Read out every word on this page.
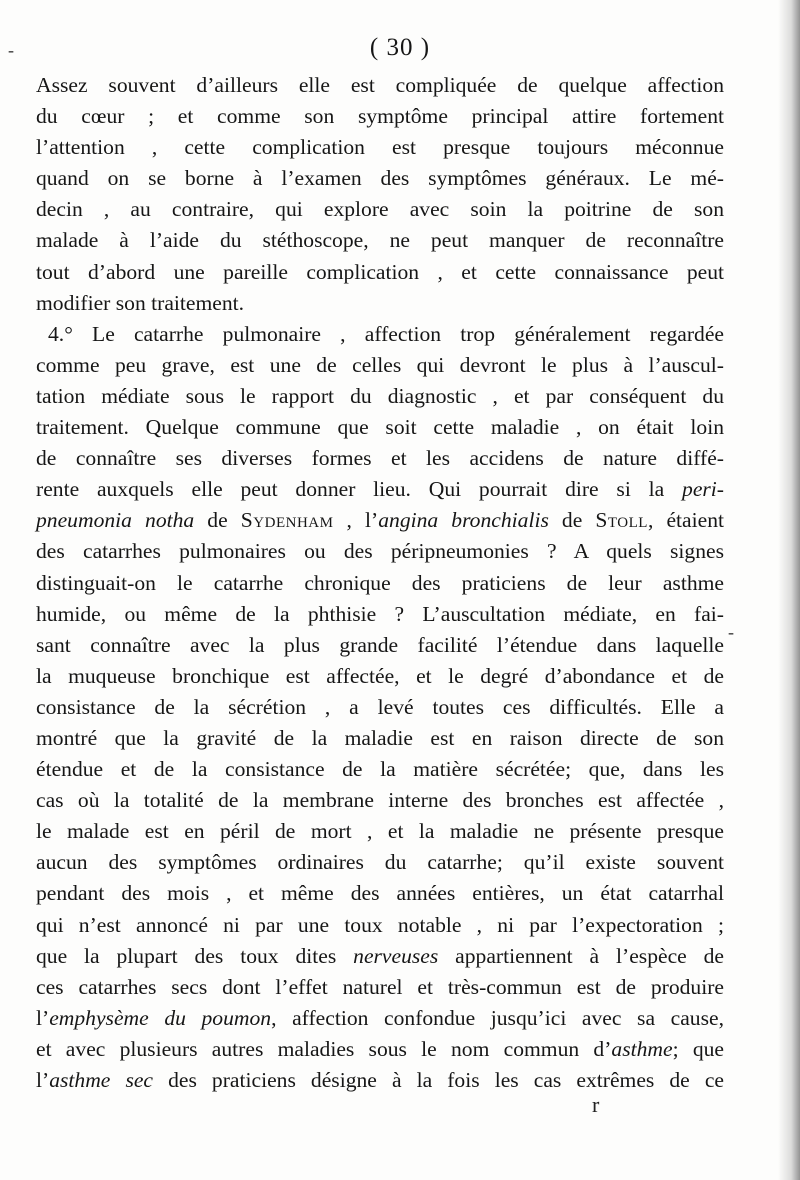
-
-
( 30 )
Assez souvent d’ailleurs elle est compliquée de quelque affection
du cœur ; et comme son symptôme principal attire fortement
l’attention , cette complication est presque toujours méconnue
quand on se borne à l’examen des symptômes généraux. Le mé-
decin , au contraire, qui explore avec soin la poitrine de son
malade à l’aide du stéthoscope, ne peut manquer de reconnaître
tout d’abord une pareille complication , et cette connaissance peut
modifier son traitement.
4.° Le catarrhe pulmonaire , affection trop généralement regardée
comme peu grave, est une de celles qui devront le plus à l’auscul-
tation médiate sous le rapport du diagnostic , et par conséquent du
traitement. Quelque commune que soit cette maladie , on était loin
de connaître ses diverses formes et les accidens de nature diffé-
rente auxquels elle peut donner lieu. Qui pourrait dire si la peri-
pneumonia notha de Sydenham , l’angina bronchialis de Stoll, étaient
des catarrhes pulmonaires ou des péripneumonies ? A quels signes
distinguait-on le catarrhe chronique des praticiens de leur asthme
humide, ou même de la phthisie ? L’auscultation médiate, en fai-
sant connaître avec la plus grande facilité l’étendue dans laquelle
la muqueuse bronchique est affectée, et le degré d’abondance et de
consistance de la sécrétion , a levé toutes ces difficultés. Elle a
montré que la gravité de la maladie est en raison directe de son
étendue et de la consistance de la matière sécrétée; que, dans les
cas où la totalité de la membrane interne des bronches est affectée ,
le malade est en péril de mort , et la maladie ne présente presque
aucun des symptômes ordinaires du catarrhe; qu’il existe souvent
pendant des mois , et même des années entières, un état catarrhal
qui n’est annoncé ni par une toux notable , ni par l’expectoration ;
que la plupart des toux dites nerveuses appartiennent à l’espèce de
ces catarrhes secs dont l’effet naturel et très-commun est de produire
l’emphysème du poumon, affection confondue jusqu’ici avec sa cause,
et avec plusieurs autres maladies sous le nom commun d’asthme; que
l’asthme sec des praticiens désigne à la fois les cas extrêmes de ce
r
